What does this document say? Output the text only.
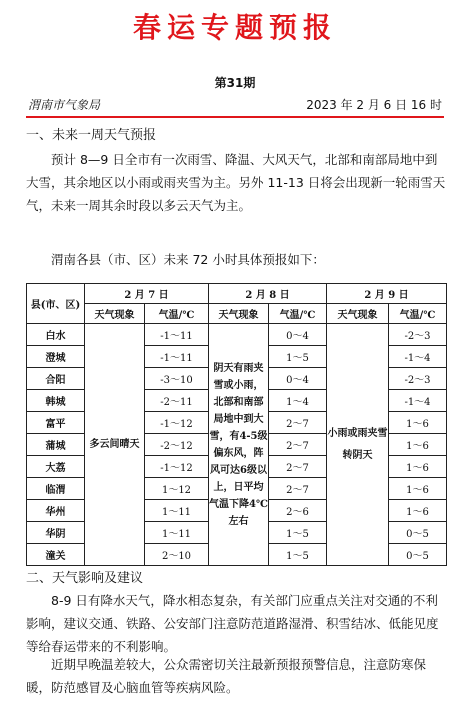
春运专题预报
第31期
渭南市气象局	2023 年 2 月 6 日 16 时
一、未来一周天气预报
预计 8—9 日全市有一次雨雪、降温、大风天气，北部和南部局地中到大雪，其余地区以小雨或雨夹雪为主。另外 11-13 日将会出现新一轮雨雪天气，未来一周其余时段以多云天气为主。
渭南各县（市、区）未来 72 小时具体预报如下：
县(市、区)	2 月 7 日		2 月 8 日		2 月 9 日	
	天气现象	气温/℃	天气现象	气温/℃	天气现象	气温/℃
白水	多云间晴天	-1～11	阴天有雨夹雪或小雨，北部和南部局地中到大雪，有4-5级偏东风，阵风可达6级以上，日平均气温下降4℃左右	0～4	小雨或雨夹雪转阴天	-2～3
澄城		-1～11		1～5		-1～4
合阳		-3～10		0～4		-2～3
韩城		-2～11		1～4		-1～4
富平		-1～12		2～7		1～6
蒲城		-2～12		2～7		1～6
大荔		-1～12		2～7		1～6
临渭		1～12		2～7		1～6
华州		1～11		2～6		1～6
华阴		1～11		1～5		0～5
潼关		2～10		1～5		0～5
二、天气影响及建议
8-9 日有降水天气，降水相态复杂，有关部门应重点关注对交通的不利影响，建议交通、铁路、公安部门注意防范道路湿滑、积雪结冰、低能见度等给春运带来的不利影响。
近期早晚温差较大，公众需密切关注最新预报预警信息，注意防寒保暖，防范感冒及心脑血管等疾病风险。
